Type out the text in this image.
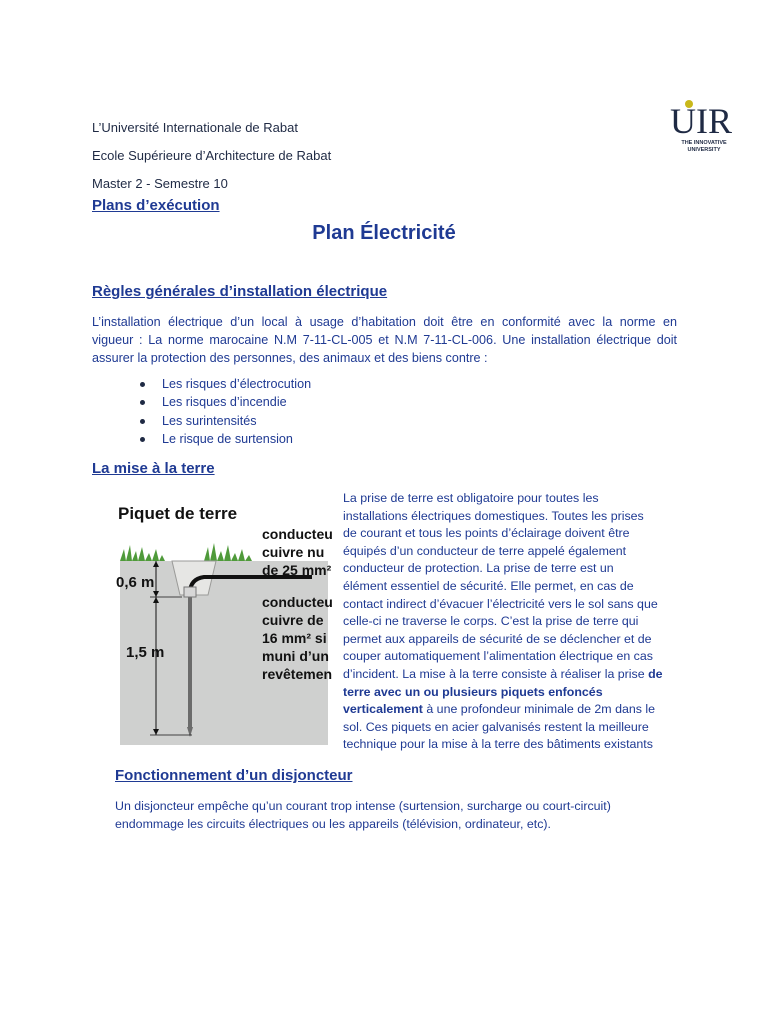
L’Université Internationale de Rabat
Ecole Supérieure d’Architecture de Rabat
Master 2 - Semestre 10
Plans d’exécution
UIR
THE INNOVATIVE
UNIVERSITY
Plan Électricité
Règles générales d’installation électrique
L’installation électrique d’un local à usage d’habitation doit être en conformité avec la norme en
vigueur : La norme marocaine N.M 7-11-CL-005 et N.M 7-11-CL-006. Une installation électrique doit
assurer la protection des personnes, des animaux et des biens contre :
Les risques d’électrocution
Les risques d’incendie
Les surintensités
Le risque de surtension
La mise à la terre
Piquet de terre
0,6 m
1,5 m
conducteur
cuivre nu
de 25 mm²
conducteur
cuivre de
16 mm² si
muni d’un
revêtement
La prise de terre est obligatoire pour toutes les
installations électriques domestiques. Toutes les prises
de courant et tous les points d’éclairage doivent être
équipés d’un conducteur de terre appelé également
conducteur de protection. La prise de terre est un
élément essentiel de sécurité. Elle permet, en cas de
contact indirect d’évacuer l’électricité vers le sol sans que
celle-ci ne traverse le corps. C’est la prise de terre qui
permet aux appareils de sécurité de se déclencher et de
couper automatiquement l’alimentation électrique en cas
d’incident. La mise à la terre consiste à réaliser la prise de
terre avec un ou plusieurs piquets enfoncés
verticalement à une profondeur minimale de 2m dans le
sol. Ces piquets en acier galvanisés restent la meilleure
technique pour la mise à la terre des bâtiments existants
Fonctionnement d’un disjoncteur
Un disjoncteur empêche qu’un courant trop intense (surtension, surcharge ou court-circuit)
endommage les circuits électriques ou les appareils (télévision, ordinateur, etc).
